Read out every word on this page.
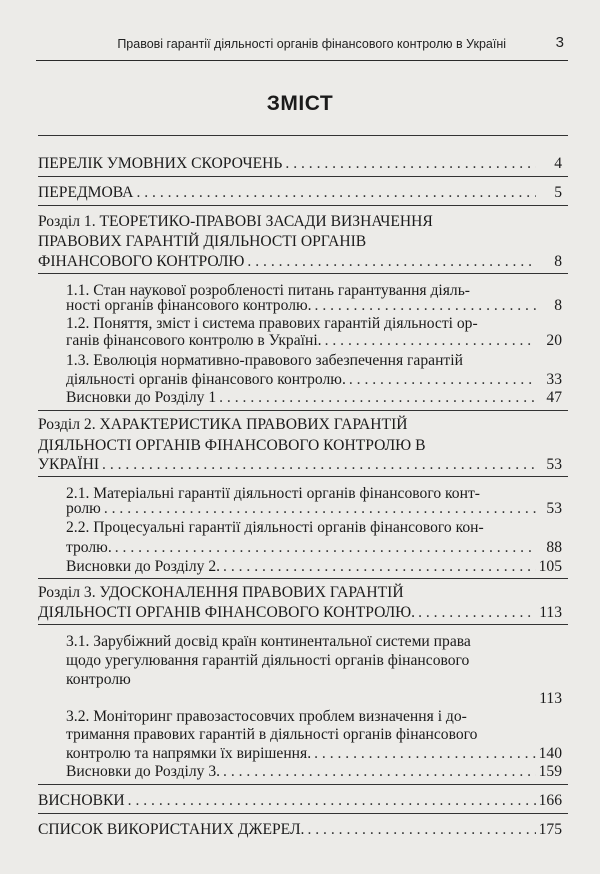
Правові гарантії діяльності органів фінансового контролю в Україні	3
ЗМІСТ
ПЕРЕЛІК УМОВНИХ СКОРОЧЕНЬ . . .	4
ПЕРЕДМОВА . . .	5
Розділ 1. ТЕОРЕТИКО-ПРАВОВІ ЗАСАДИ ВИЗНАЧЕННЯ
ПРАВОВИХ ГАРАНТІЙ ДІЯЛЬНОСТІ ОРГАНІВ
ФІНАНСОВОГО КОНТРОЛЮ . . .	8
1.1. Стан наукової розробленості питань гарантування діяль-
ності органів фінансового контролю. . . .	8
1.2. Поняття, зміст і система правових гарантій діяльності ор-
ганів фінансового контролю в Україні. . . .	20
1.3. Еволюція нормативно-правового забезпечення гарантій
діяльності органів фінансового контролю. . . .	33
Висновки до Розділу 1 . . .	47
Розділ 2. ХАРАКТЕРИСТИКА ПРАВОВИХ ГАРАНТІЙ
ДІЯЛЬНОСТІ ОРГАНІВ ФІНАНСОВОГО КОНТРОЛЮ В
УКРАЇНІ . . .	53
2.1. Матеріальні гарантії діяльності органів фінансового конт-
ролю . . .	53
2.2. Процесуальні гарантії діяльності органів фінансового кон-
тролю. . . .	88
Висновки до Розділу 2. . . .	105
Розділ 3. УДОСКОНАЛЕННЯ ПРАВОВИХ ГАРАНТІЙ
ДІЯЛЬНОСТІ ОРГАНІВ ФІНАНСОВОГО КОНТРОЛЮ. . . .	113
3.1. Зарубіжний досвід країн континентальної системи права
щодо урегулювання гарантій діяльності органів фінансового
контролю
113
3.2. Моніторинг правозастосовчих проблем визначення і до-
тримання правових гарантій в діяльності органів фінансового
контролю та напрямки їх вирішення. . . .	140
Висновки до Розділу 3. . . .	159
ВИСНОВКИ . . .	166
СПИСОК ВИКОРИСТАНИХ ДЖЕРЕЛ. . . .	175
